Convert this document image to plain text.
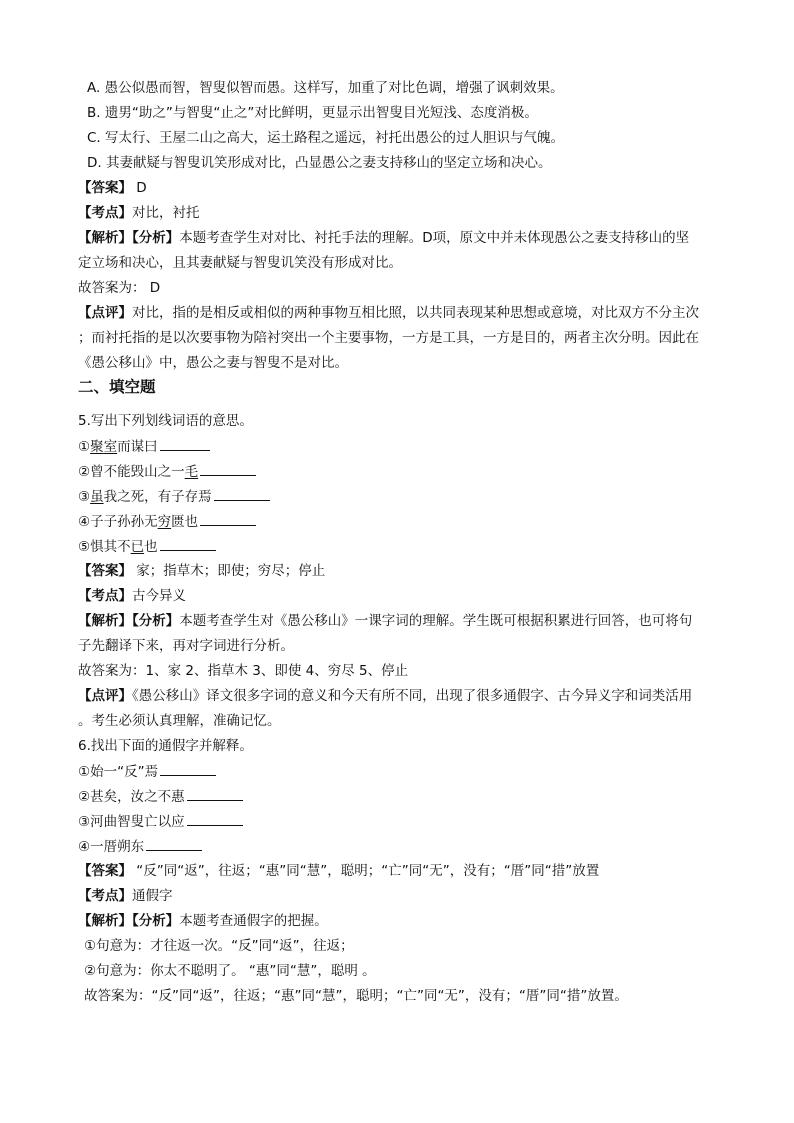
A. 愚公似愚而智，智叟似智而愚。这样写，加重了对比色调，增强了讽刺效果。
B. 遗男“助之”与智叟“止之”对比鲜明，更显示出智叟目光短浅、态度消极。
C. 写太行、王屋二山之高大，运土路程之遥远，衬托出愚公的过人胆识与气魄。
D. 其妻献疑与智叟讥笑形成对比，凸显愚公之妻支持移山的坚定立场和决心。
【答案】 D
【考点】对比，衬托
【解析】【分析】本题考查学生对对比、衬托手法的理解。D项，原文中并未体现愚公之妻支持移山的坚
定立场和决心，且其妻献疑与智叟讥笑没有形成对比。
故答案为： D
【点评】对比，指的是相反或相似的两种事物互相比照，以共同表现某种思想或意境，对比双方不分主次
；而衬托指的是以次要事物为陪衬突出一个主要事物，一方是工具，一方是目的，两者主次分明。因此在
《愚公移山》中，愚公之妻与智叟不是对比。
二、填空题
5.写出下列划线词语的意思。
①聚室而谋曰
②曾不能毁山之一毛
③虽我之死，有子存焉
④子子孙孙无穷匮也
⑤惧其不已也
【答案】 家；指草木；即使；穷尽；停止
【考点】古今异义
【解析】【分析】本题考查学生对《愚公移山》一课字词的理解。学生既可根据积累进行回答，也可将句
子先翻译下来，再对字词进行分析。
故答案为：1、家 2、指草木 3、即使 4、穷尽 5、停止
【点评】《愚公移山》译文很多字词的意义和今天有所不同，出现了很多通假字、古今异义字和词类活用
。考生必须认真理解，准确记忆。
6.找出下面的通假字并解释。
①始一“反”焉
②甚矣，汝之不惠
③河曲智叟亡以应
④一厝朔东
【答案】 “反”同“返”，往返；“惠”同“慧”，聪明；“亡”同“无”，没有；“厝”同“措”放置
【考点】通假字
【解析】【分析】本题考查通假字的把握。
①句意为：才往返一次。“反”同“返”，往返；
②句意为：你太不聪明了。 “惠”同“慧”，聪明 。
故答案为：“反”同“返”，往返；“惠”同“慧”，聪明；“亡”同“无”，没有；“厝”同“措”放置。
